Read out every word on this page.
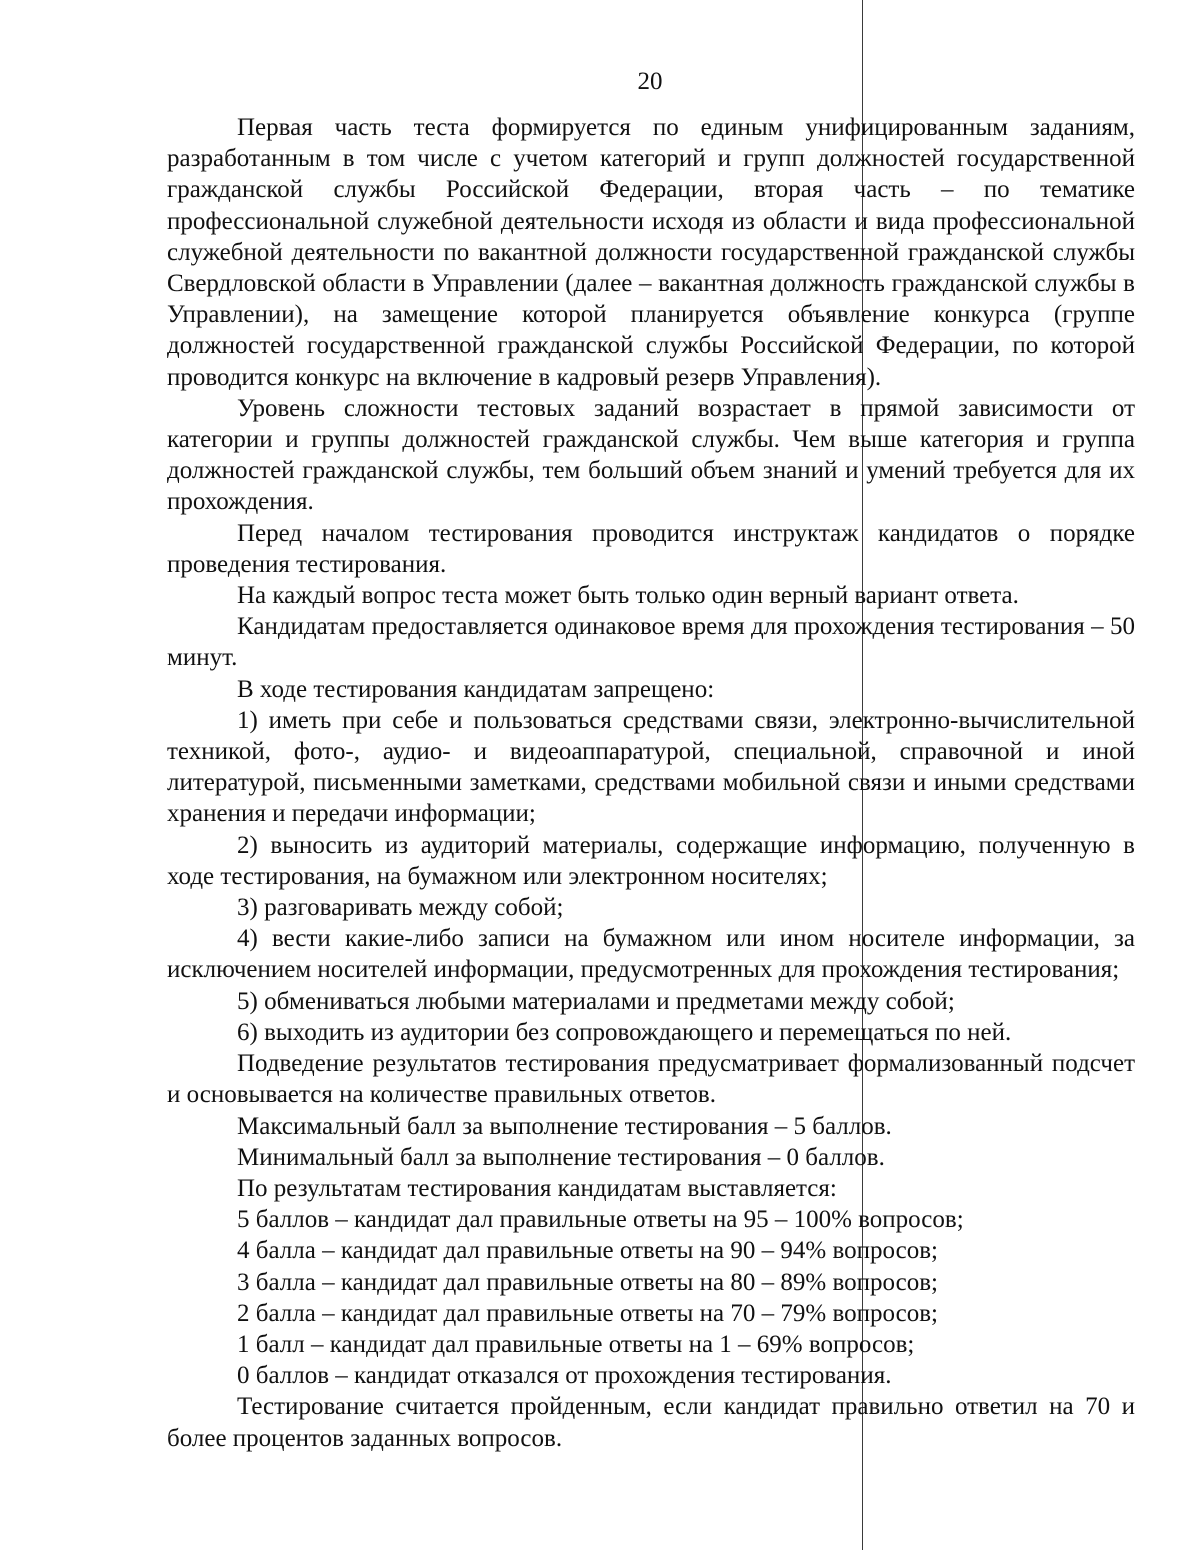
20

Первая часть теста формируется по единым унифицированным заданиям, разработанным в том числе с учетом категорий и групп должностей государственной гражданской службы Российской Федерации, вторая часть – по тематике профессиональной служебной деятельности исходя из области и вида профессиональной служебной деятельности по вакантной должности государственной гражданской службы Свердловской области в Управлении (далее – вакантная должность гражданской службы в Управлении), на замещение которой планируется объявление конкурса (группе должностей государственной гражданской службы Российской Федерации, по которой проводится конкурс на включение в кадровый резерв Управления).

Уровень сложности тестовых заданий возрастает в прямой зависимости от категории и группы должностей гражданской службы. Чем выше категория и группа должностей гражданской службы, тем больший объем знаний и умений требуется для их прохождения.

Перед началом тестирования проводится инструктаж кандидатов о порядке проведения тестирования.

На каждый вопрос теста может быть только один верный вариант ответа.

Кандидатам предоставляется одинаковое время для прохождения тестирования – 50 минут.

В ходе тестирования кандидатам запрещено:

1) иметь при себе и пользоваться средствами связи, электронно-вычислительной техникой, фото-, аудио- и видеоаппаратурой, специальной, справочной и иной литературой, письменными заметками, средствами мобильной связи и иными средствами хранения и передачи информации;

2) выносить из аудиторий материалы, содержащие информацию, полученную в ходе тестирования, на бумажном или электронном носителях;

3) разговаривать между собой;

4) вести какие-либо записи на бумажном или ином носителе информации, за исключением носителей информации, предусмотренных для прохождения тестирования;

5) обмениваться любыми материалами и предметами между собой;

6) выходить из аудитории без сопровождающего и перемещаться по ней.

Подведение результатов тестирования предусматривает формализованный подсчет и основывается на количестве правильных ответов.

Максимальный балл за выполнение тестирования – 5 баллов.

Минимальный балл за выполнение тестирования – 0 баллов.

По результатам тестирования кандидатам выставляется:

5 баллов – кандидат дал правильные ответы на 95 – 100% вопросов;

4 балла – кандидат дал правильные ответы на 90 – 94% вопросов;

3 балла – кандидат дал правильные ответы на 80 – 89% вопросов;

2 балла – кандидат дал правильные ответы на 70 – 79% вопросов;

1 балл – кандидат дал правильные ответы на 1 – 69% вопросов;

0 баллов – кандидат отказался от прохождения тестирования.

Тестирование считается пройденным, если кандидат правильно ответил на 70 и более процентов заданных вопросов.
